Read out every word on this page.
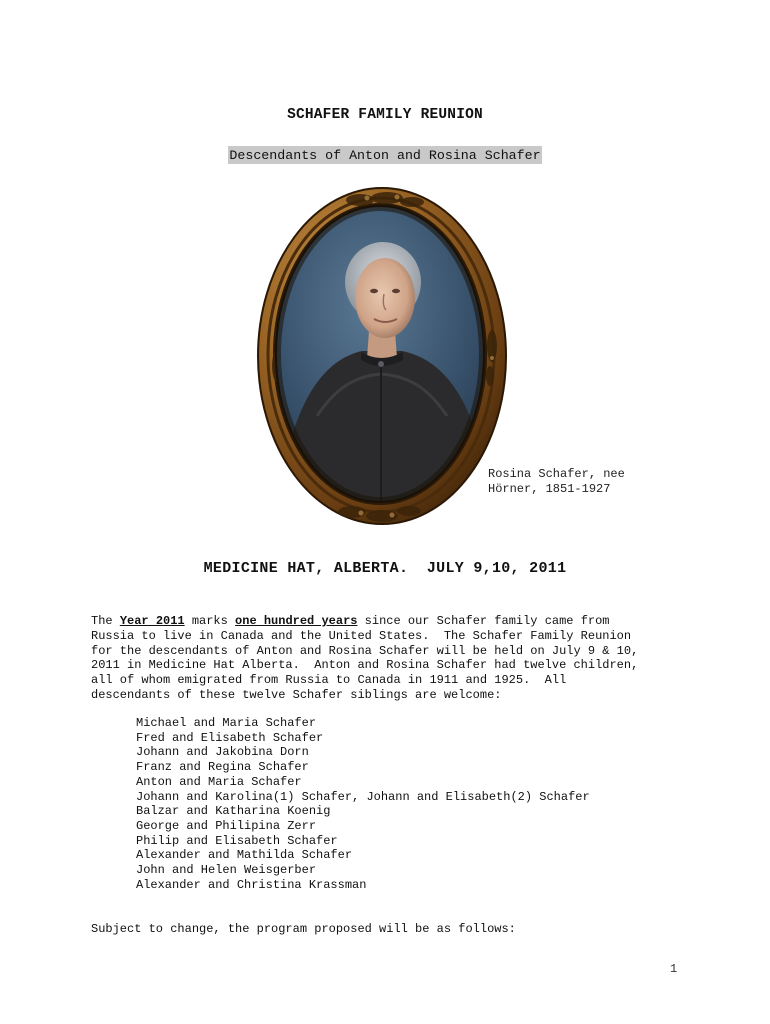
SCHAFER FAMILY REUNION
Descendants of Anton and Rosina Schafer
Rosina Schafer, nee
Hörner, 1851-1927
MEDICINE HAT, ALBERTA.  JULY 9,10, 2011
The Year 2011 marks one hundred years since our Schafer family came from
Russia to live in Canada and the United States.  The Schafer Family Reunion
for the descendants of Anton and Rosina Schafer will be held on July 9 & 10,
2011 in Medicine Hat Alberta.  Anton and Rosina Schafer had twelve children,
all of whom emigrated from Russia to Canada in 1911 and 1925.  All
descendants of these twelve Schafer siblings are welcome:
Michael and Maria Schafer
Fred and Elisabeth Schafer
Johann and Jakobina Dorn
Franz and Regina Schafer
Anton and Maria Schafer
Johann and Karolina(1) Schafer, Johann and Elisabeth(2) Schafer
Balzar and Katharina Koenig
George and Philipina Zerr
Philip and Elisabeth Schafer
Alexander and Mathilda Schafer
John and Helen Weisgerber
Alexander and Christina Krassman
Subject to change, the program proposed will be as follows:
1
